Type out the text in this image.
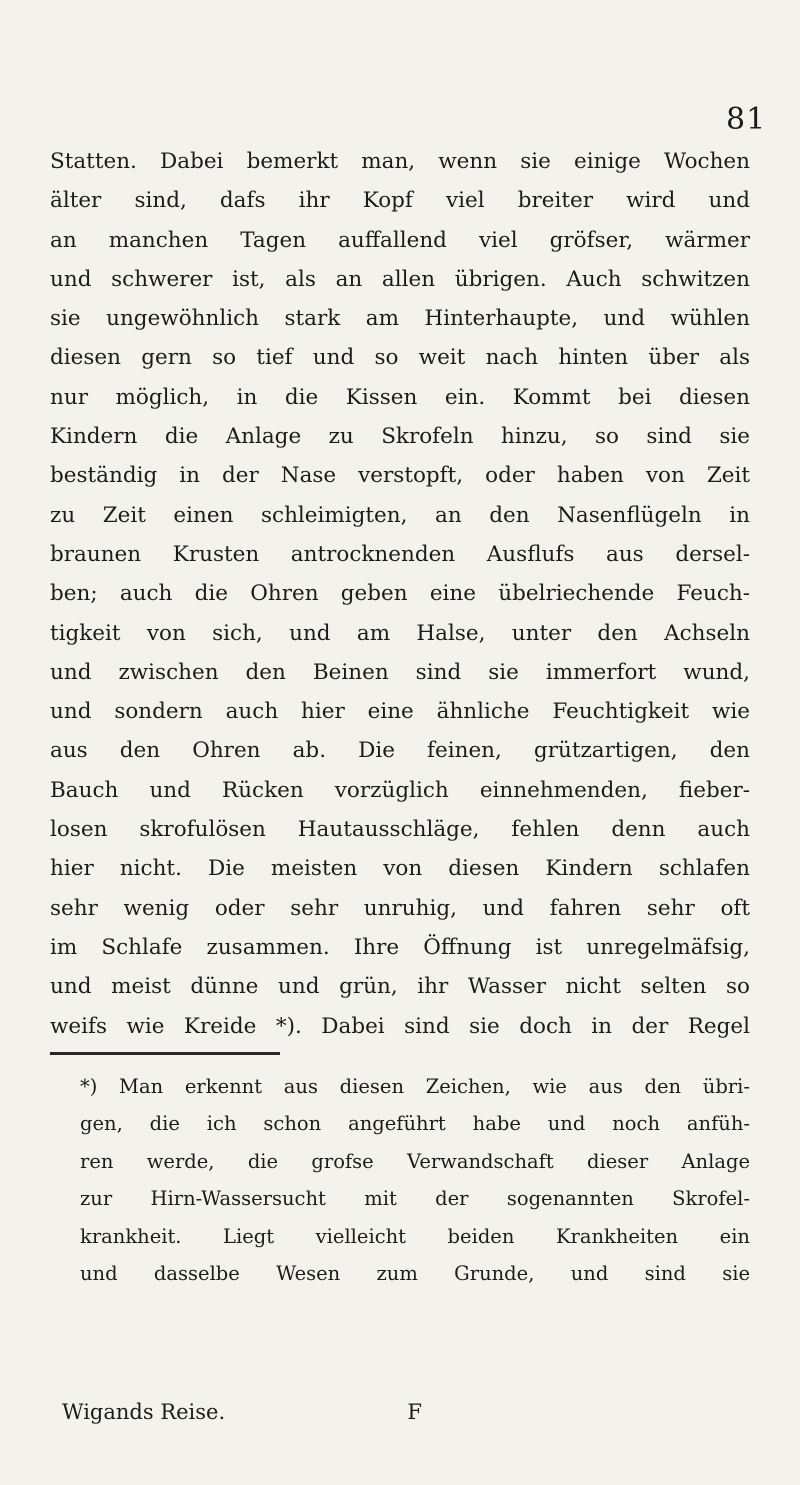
81
Statten. Dabei bemerkt man, wenn sie einige Wochen
älter sind, dafs ihr Kopf viel breiter wird und
an manchen Tagen auffallend viel gröfser, wärmer
und schwerer ist, als an allen übrigen. Auch schwitzen
sie ungewöhnlich stark am Hinterhaupte, und wühlen
diesen gern so tief und so weit nach hinten über als
nur möglich, in die Kissen ein. Kommt bei diesen
Kindern die Anlage zu Skrofeln hinzu, so sind sie
beständig in der Nase verstopft, oder haben von Zeit
zu Zeit einen schleimigten, an den Nasenflügeln in
braunen Krusten antrocknenden Ausflufs aus dersel-
ben; auch die Ohren geben eine übelriechende Feuch-
tigkeit von sich, und am Halse, unter den Achseln
und zwischen den Beinen sind sie immerfort wund,
und sondern auch hier eine ähnliche Feuchtigkeit wie
aus den Ohren ab. Die feinen, grützartigen, den
Bauch und Rücken vorzüglich einnehmenden, fieber-
losen skrofulösen Hautausschläge, fehlen denn auch
hier nicht. Die meisten von diesen Kindern schlafen
sehr wenig oder sehr unruhig, und fahren sehr oft
im Schlafe zusammen. Ihre Öffnung ist unregelmäfsig,
und meist dünne und grün, ihr Wasser nicht selten so
weifs wie Kreide *). Dabei sind sie doch in der Regel
*) Man erkennt aus diesen Zeichen, wie aus den übri-
gen, die ich schon angeführt habe und noch anfüh-
ren werde, die grofse Verwandschaft dieser Anlage
zur Hirn-Wassersucht mit der sogenannten Skrofel-
krankheit. Liegt vielleicht beiden Krankheiten ein
und dasselbe Wesen zum Grunde, und sind sie
Wigands Reise.	F
